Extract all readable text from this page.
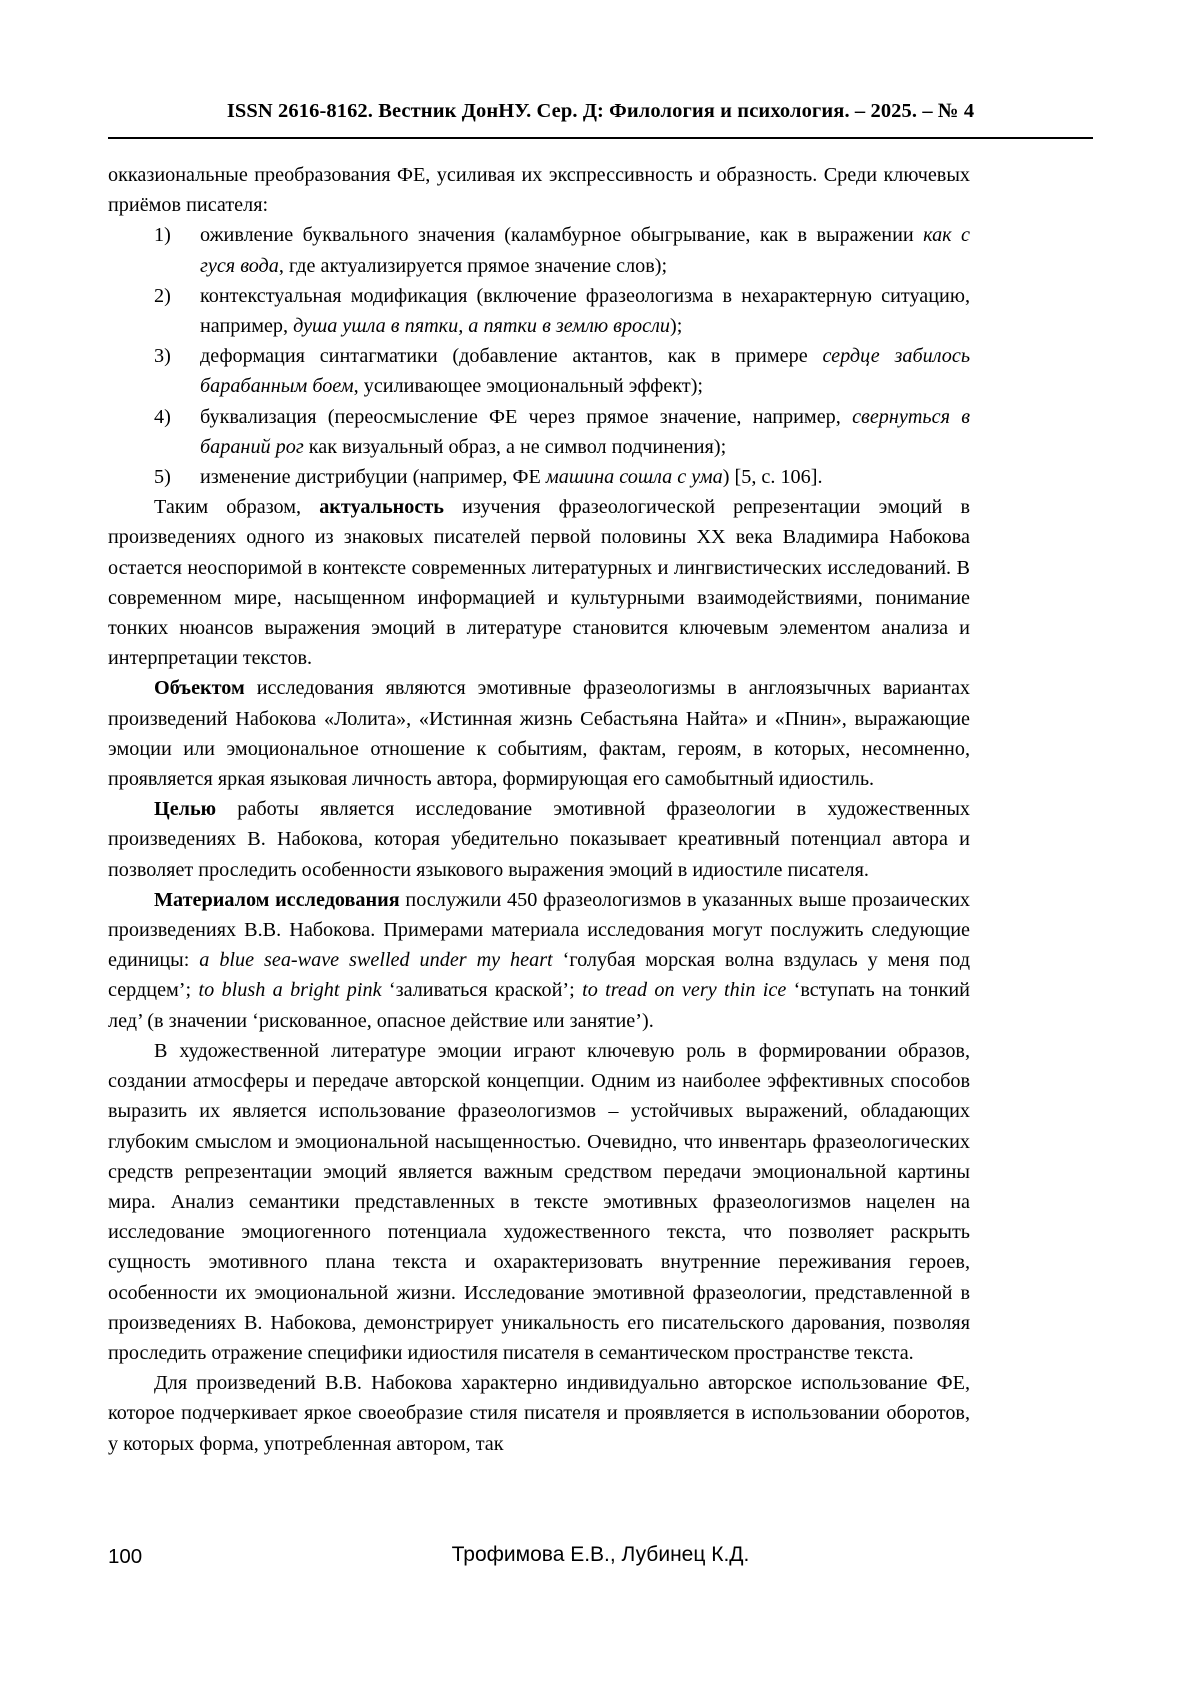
ISSN 2616-8162. Вестник ДонНУ. Сер. Д: Филология и психология. – 2025. – № 4

окказиональные преобразования ФЕ, усиливая их экспрессивность и образность. Среди ключевых приёмов писателя:

1)	оживление буквального значения (каламбурное обыгрывание, как в выражении как с гуся вода, где актуализируется прямое значение слов);
2)	контекстуальная модификация (включение фразеологизма в нехарактерную ситуацию, например, душа ушла в пятки, а пятки в землю вросли);
3)	деформация синтагматики (добавление актантов, как в примере сердце забилось барабанным боем, усиливающее эмоциональный эффект);
4)	буквализация (переосмысление ФЕ через прямое значение, например, свернуться в бараний рог как визуальный образ, а не символ подчинения);
5)	изменение дистрибуции (например, ФЕ машина сошла с ума) [5, с. 106].

Таким образом, актуальность изучения фразеологической репрезентации эмоций в произведениях одного из знаковых писателей первой половины XX века Владимира Набокова остается неоспоримой в контексте современных литературных и лингвистических исследований. В современном мире, насыщенном информацией и культурными взаимодействиями, понимание тонких нюансов выражения эмоций в литературе становится ключевым элементом анализа и интерпретации текстов.

Объектом исследования являются эмотивные фразеологизмы в англоязычных вариантах произведений Набокова «Лолита», «Истинная жизнь Себастьяна Найта» и «Пнин», выражающие эмоции или эмоциональное отношение к событиям, фактам, героям, в которых, несомненно, проявляется яркая языковая личность автора, формирующая его самобытный идиостиль.

Целью работы является исследование эмотивной фразеологии в художественных произведениях В. Набокова, которая убедительно показывает креативный потенциал автора и позволяет проследить особенности языкового выражения эмоций в идиостиле писателя.

Материалом исследования послужили 450 фразеологизмов в указанных выше прозаических произведениях В.В. Набокова. Примерами материала исследования могут послужить следующие единицы: a blue sea-wave swelled under my heart ‘голубая морская волна вздулась у меня под сердцем’; to blush a bright pink ‘заливаться краской’; to tread on very thin ice ‘вступать на тонкий лед’ (в значении ‘рискованное, опасное действие или занятие’).

В художественной литературе эмоции играют ключевую роль в формировании образов, создании атмосферы и передаче авторской концепции. Одним из наиболее эффективных способов выразить их является использование фразеологизмов – устойчивых выражений, обладающих глубоким смыслом и эмоциональной насыщенностью. Очевидно, что инвентарь фразеологических средств репрезентации эмоций является важным средством передачи эмоциональной картины мира. Анализ семантики представленных в тексте эмотивных фразеологизмов нацелен на исследование эмоциогенного потенциала художественного текста, что позволяет раскрыть сущность эмотивного плана текста и охарактеризовать внутренние переживания героев, особенности их эмоциональной жизни. Исследование эмотивной фразеологии, представленной в произведениях В. Набокова, демонстрирует уникальность его писательского дарования, позволяя проследить отражение специфики идиостиля писателя в семантическом пространстве текста.

Для произведений В.В. Набокова характерно индивидуально авторское использование ФЕ, которое подчеркивает яркое своеобразие стиля писателя и проявляется в использовании оборотов, у которых форма, употребленная автором, так

100	Трофимова Е.В., Лубинец К.Д.
